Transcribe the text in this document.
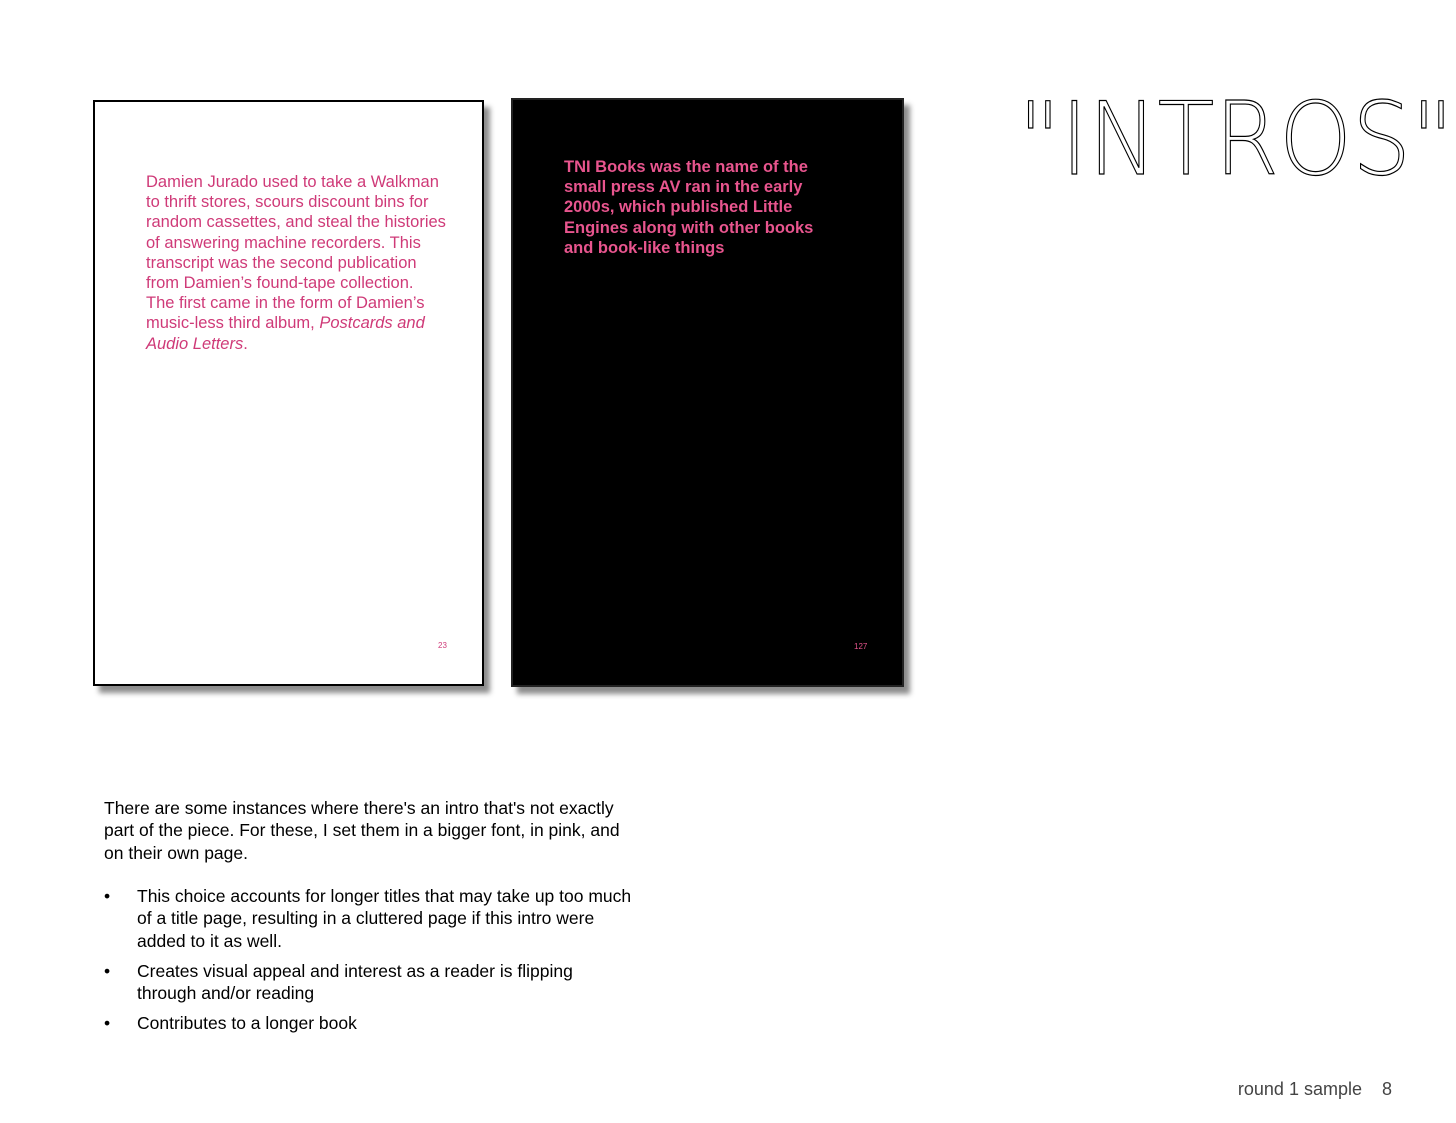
Damien Jurado used to take a Walkman to thrift stores, scours discount bins for random cassettes, and steal the histories of answering machine recorders. This transcript was the second publication from Damien’s found-tape collection. The first came in the form of Damien’s music-less third album, Postcards and Audio Letters.

23

TNI Books was the name of the small press AV ran in the early 2000s, which published Little Engines along with other books and book-like things

127
"INTROS"

There are some instances where there's an intro that's not exactly part of the piece. For these, I set them in a bigger font, in pink, and on their own page.

• This choice accounts for longer titles that may take up too much of a title page, resulting in a cluttered page if this intro were added to it as well.
• Creates visual appeal and interest as a reader is flipping through and/or reading
• Contributes to a longer book
round 1 sample 8
